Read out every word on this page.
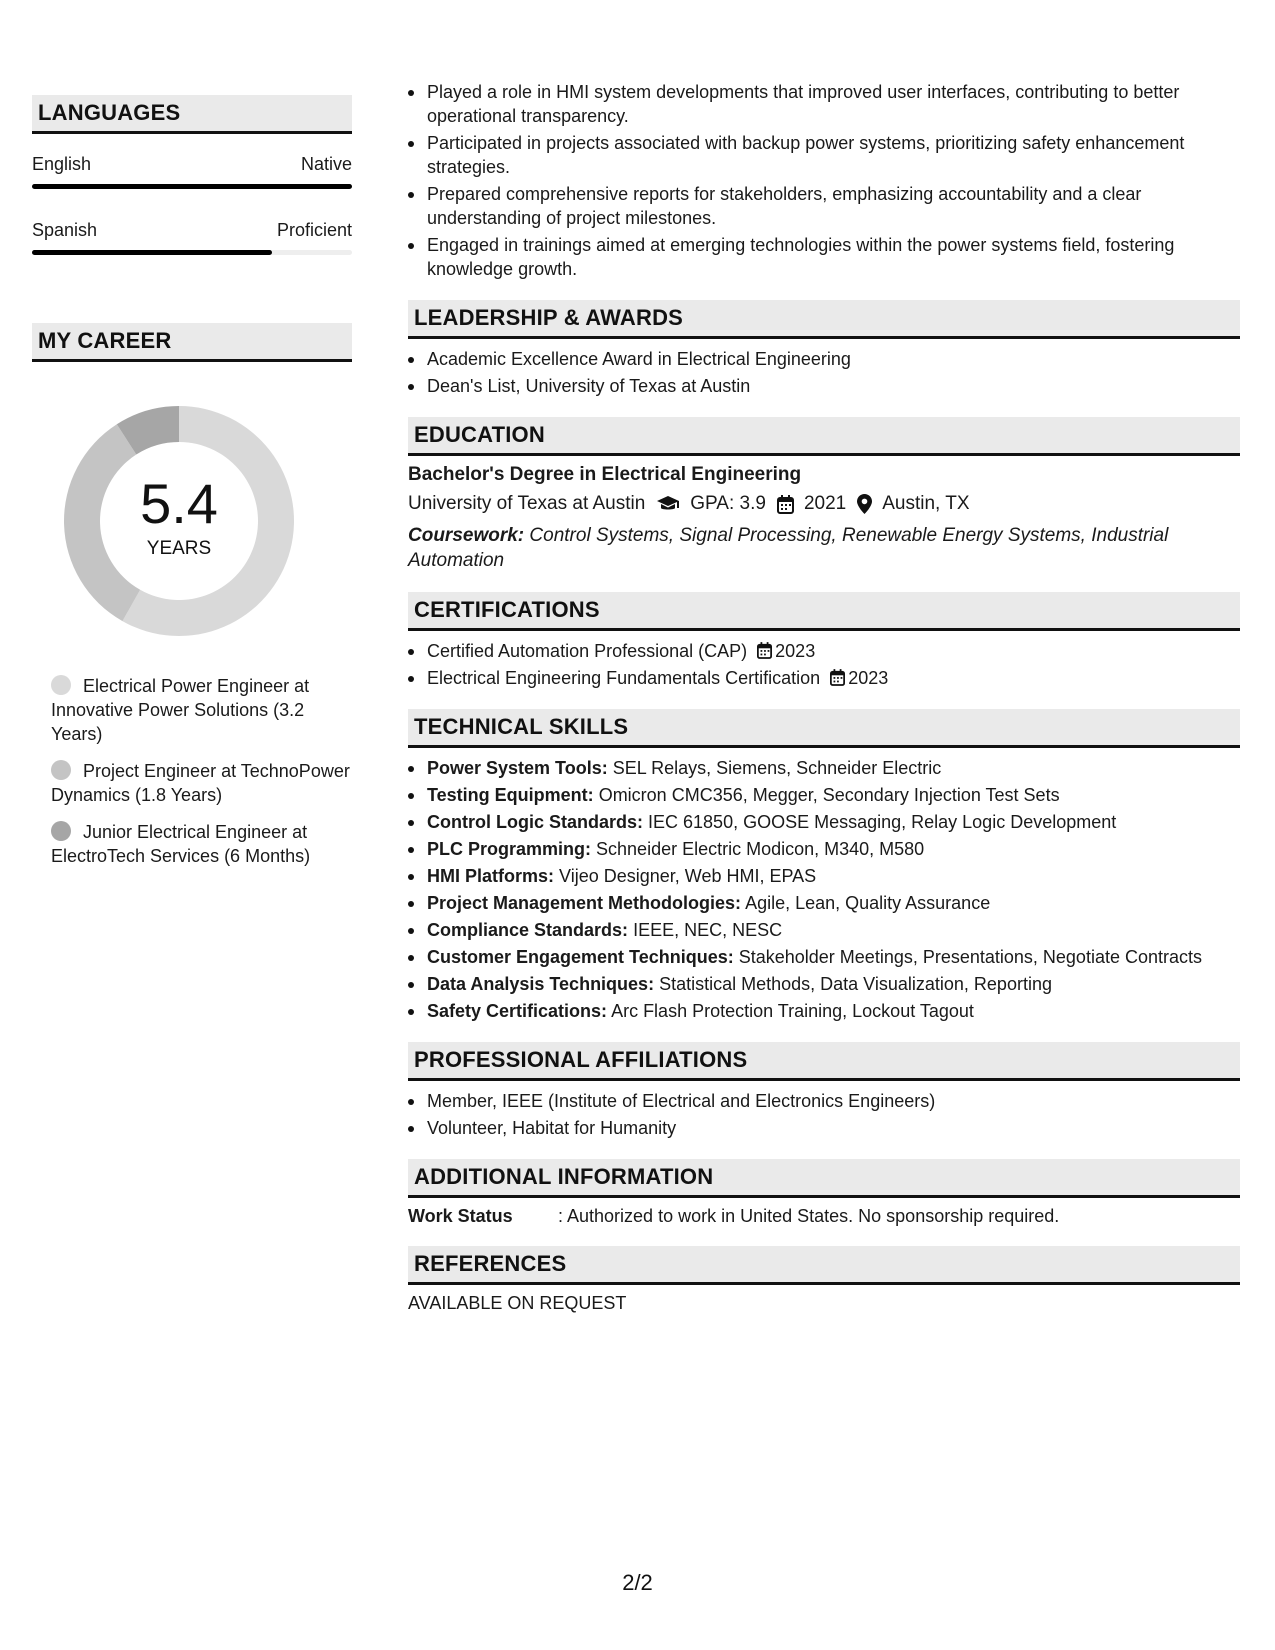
LANGUAGES
English	Native
Spanish	Proficient
MY CAREER
5.4
YEARS
Electrical Power Engineer at Innovative Power Solutions (3.2 Years)
Project Engineer at TechnoPower Dynamics (1.8 Years)
Junior Electrical Engineer at ElectroTech Services (6 Months)
Played a role in HMI system developments that improved user interfaces, contributing to better operational transparency.
Participated in projects associated with backup power systems, prioritizing safety enhancement strategies.
Prepared comprehensive reports for stakeholders, emphasizing accountability and a clear understanding of project milestones.
Engaged in trainings aimed at emerging technologies within the power systems field, fostering knowledge growth.
LEADERSHIP & AWARDS
Academic Excellence Award in Electrical Engineering
Dean's List, University of Texas at Austin
EDUCATION
Bachelor's Degree in Electrical Engineering
University of Texas at Austin GPA: 3.9 2021 Austin, TX
Coursework: Control Systems, Signal Processing, Renewable Energy Systems, Industrial Automation
CERTIFICATIONS
Certified Automation Professional (CAP) 2023
Electrical Engineering Fundamentals Certification 2023
TECHNICAL SKILLS
Power System Tools: SEL Relays, Siemens, Schneider Electric
Testing Equipment: Omicron CMC356, Megger, Secondary Injection Test Sets
Control Logic Standards: IEC 61850, GOOSE Messaging, Relay Logic Development
PLC Programming: Schneider Electric Modicon, M340, M580
HMI Platforms: Vijeo Designer, Web HMI, EPAS
Project Management Methodologies: Agile, Lean, Quality Assurance
Compliance Standards: IEEE, NEC, NESC
Customer Engagement Techniques: Stakeholder Meetings, Presentations, Negotiate Contracts
Data Analysis Techniques: Statistical Methods, Data Visualization, Reporting
Safety Certifications: Arc Flash Protection Training, Lockout Tagout
PROFESSIONAL AFFILIATIONS
Member, IEEE (Institute of Electrical and Electronics Engineers)
Volunteer, Habitat for Humanity
ADDITIONAL INFORMATION
Work Status	: Authorized to work in United States. No sponsorship required.
REFERENCES
AVAILABLE ON REQUEST
2/2
